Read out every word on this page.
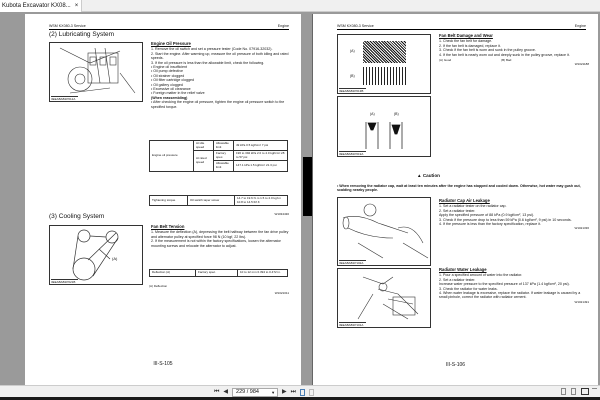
Kubota Excavator KX08... ×
WSM KX080-3 Service	Engine
(2) Lubricating System
3EEABAB1P012A
Engine Oil Pressure

1. Remove the oil switch and set a pressure tester (Code No. 07916-32032).

2. Start the engine. After warming up, measure the oil pressure of both idling and rated speeds.

3. If the oil pressure is less than the allowable limit, check the following.

• Engine oil insufficient

• Oil pump defective

• Oil strainer clogged

• Oil filter cartridge clogged

• Oil gallery clogged

• Excessive oil clearance

• Foreign matter in the relief valve

(When reassembling)

• After checking the engine oil pressure, tighten the engine oil pressure switch to the specified torque.

Engine oil pressure	At idle speed	Allowable limit	49 kPa 0.5 kgf/cm² 7 psi
	At rated speed	Factory spec.	196 to 392 kPa 2.0 to 4.0 kgf/cm² 28 to 57 psi
		Allowable limit	147.1 kPa 1.5 kgf/cm² 21.3 psi
Tightening torque	Oil switch taper screw	14.7 to 19.6 N·m 1.5 to 2.0 kgf·m 10.8 to 14.5 lbf·ft
W1034430
(3) Cooling System
(A)
3EEABAB1P021B
Fan Belt Tension

1. Measure the deflection (A), depressing the belt halfway between the fan drive pulley and alternator pulley at specified force 98 N (10 kgf, 22 lbs).

2. If the measurement is not within the factory specifications, loosen the alternator mounting screws and relocate the alternator to adjust.

Deflection (A)	Factory spec.	10 to 12 mm 0.394 to 0.472 in.
(A) Deflection
W1021011
III-S-105
WSM KX080-3 Service	Engine
(A)
(B)
3EEABAB1P013B
(A)	(B)
3EEABAB1P019A
Fan Belt Damage and Wear

1. Check the fan belt for damage.

2. If the fan belt is damaged, replace it.

3. Check if the fan belt is worn and sunk in the pulley groove.

4. If the fan belt is nearly worn out and deeply sunk in the pulley groove, replace it.

(A) Good	(B) Bad

W1021188

▲ Caution
• When removing the radiator cap, wait at least ten minutes after the engine has stopped and cooled down. Otherwise, hot water may gush out, scalding nearby people.
3EEABAB1P102A
Radiator Cap Air Leakage

1. Set a radiator tester on the radiator cap.

2. Set a radiator tester.

Apply the specified pressure of 88 kPa (0.9 kgf/cm², 13 psi).

3. Check if the pressure drop to less than 59 kPa (0.6 kgf/cm², 9 psi) in 10 seconds.

4. If the pressure is less than the factory specification, replace it.

W1021336

3EEABAB1P101A
Radiator Water Leakage

1. Pour a specified amount of water into the radiator.

2. Set a radiator tester.

Increase water pressure to the specified pressure of 137 kPa (1.4 kgf/cm², 20 psi).

3. Check the radiator for water leaks.

4. When water leakage is excessive, replace the radiator. If water leakage is caused by a small pinhole, correct the radiator with radiator cement.

W1021491

III-S-106
⏮ ◀	229 / 984	▼ ▶ ⏭
